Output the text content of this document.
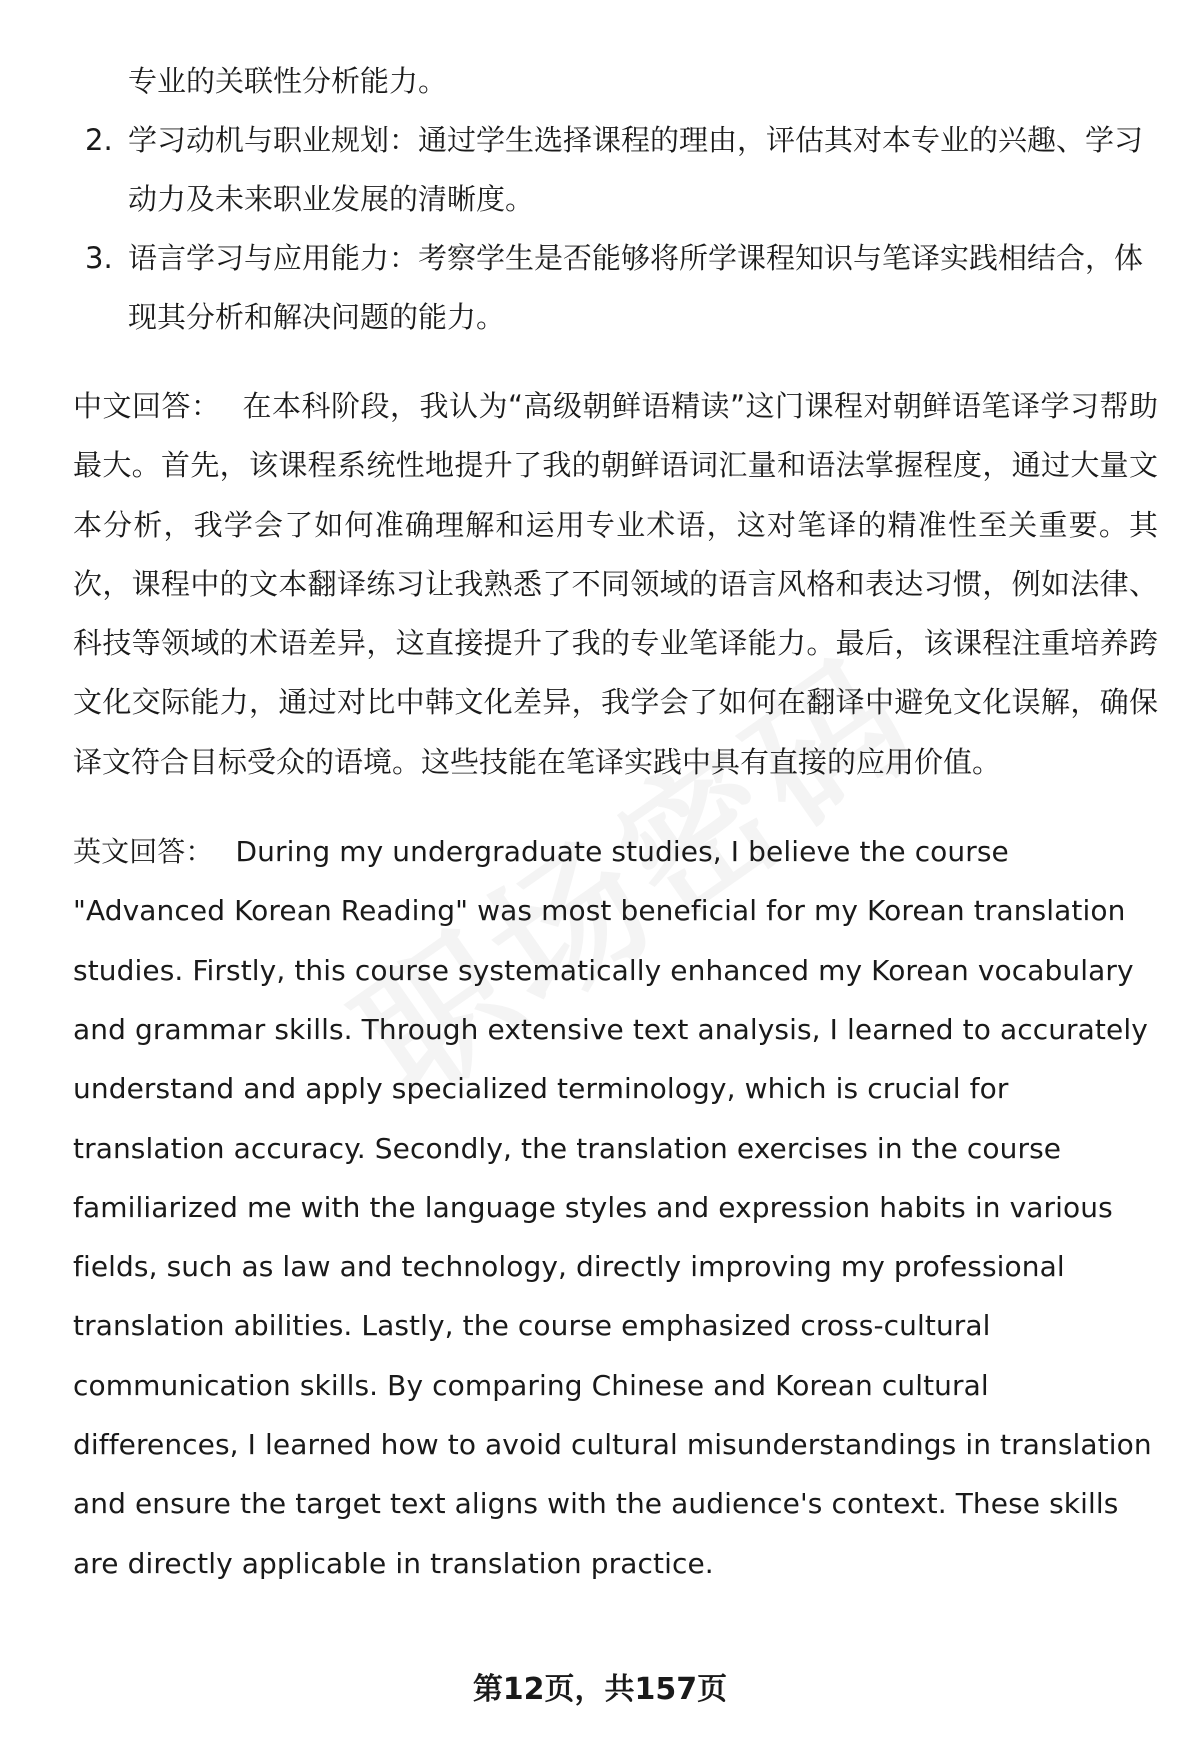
专业的关联性分析能力。
2. 学习动机与职业规划：通过学生选择课程的理由，评估其对本专业的兴趣、学习动力及未来职业发展的清晰度。
3. 语言学习与应用能力：考察学生是否能够将所学课程知识与笔译实践相结合，体现其分析和解决问题的能力。
中文回答： 在本科阶段，我认为“高级朝鲜语精读”这门课程对朝鲜语笔译学习帮助最大。首先，该课程系统性地提升了我的朝鲜语词汇量和语法掌握程度，通过大量文本分析，我学会了如何准确理解和运用专业术语，这对笔译的精准性至关重要。其次，课程中的文本翻译练习让我熟悉了不同领域的语言风格和表达习惯，例如法律、科技等领域的术语差异，这直接提升了我的专业笔译能力。最后，该课程注重培养跨文化交际能力，通过对比中韩文化差异，我学会了如何在翻译中避免文化误解，确保译文符合目标受众的语境。这些技能在笔译实践中具有直接的应用价值。
英文回答： During my undergraduate studies, I believe the course "Advanced Korean Reading" was most beneficial for my Korean translation studies. Firstly, this course systematically enhanced my Korean vocabulary and grammar skills. Through extensive text analysis, I learned to accurately understand and apply specialized terminology, which is crucial for translation accuracy. Secondly, the translation exercises in the course familiarized me with the language styles and expression habits in various fields, such as law and technology, directly improving my professional translation abilities. Lastly, the course emphasized cross-cultural communication skills. By comparing Chinese and Korean cultural differences, I learned how to avoid cultural misunderstandings in translation and ensure the target text aligns with the audience's context. These skills are directly applicable in translation practice.
第12页，共157页
